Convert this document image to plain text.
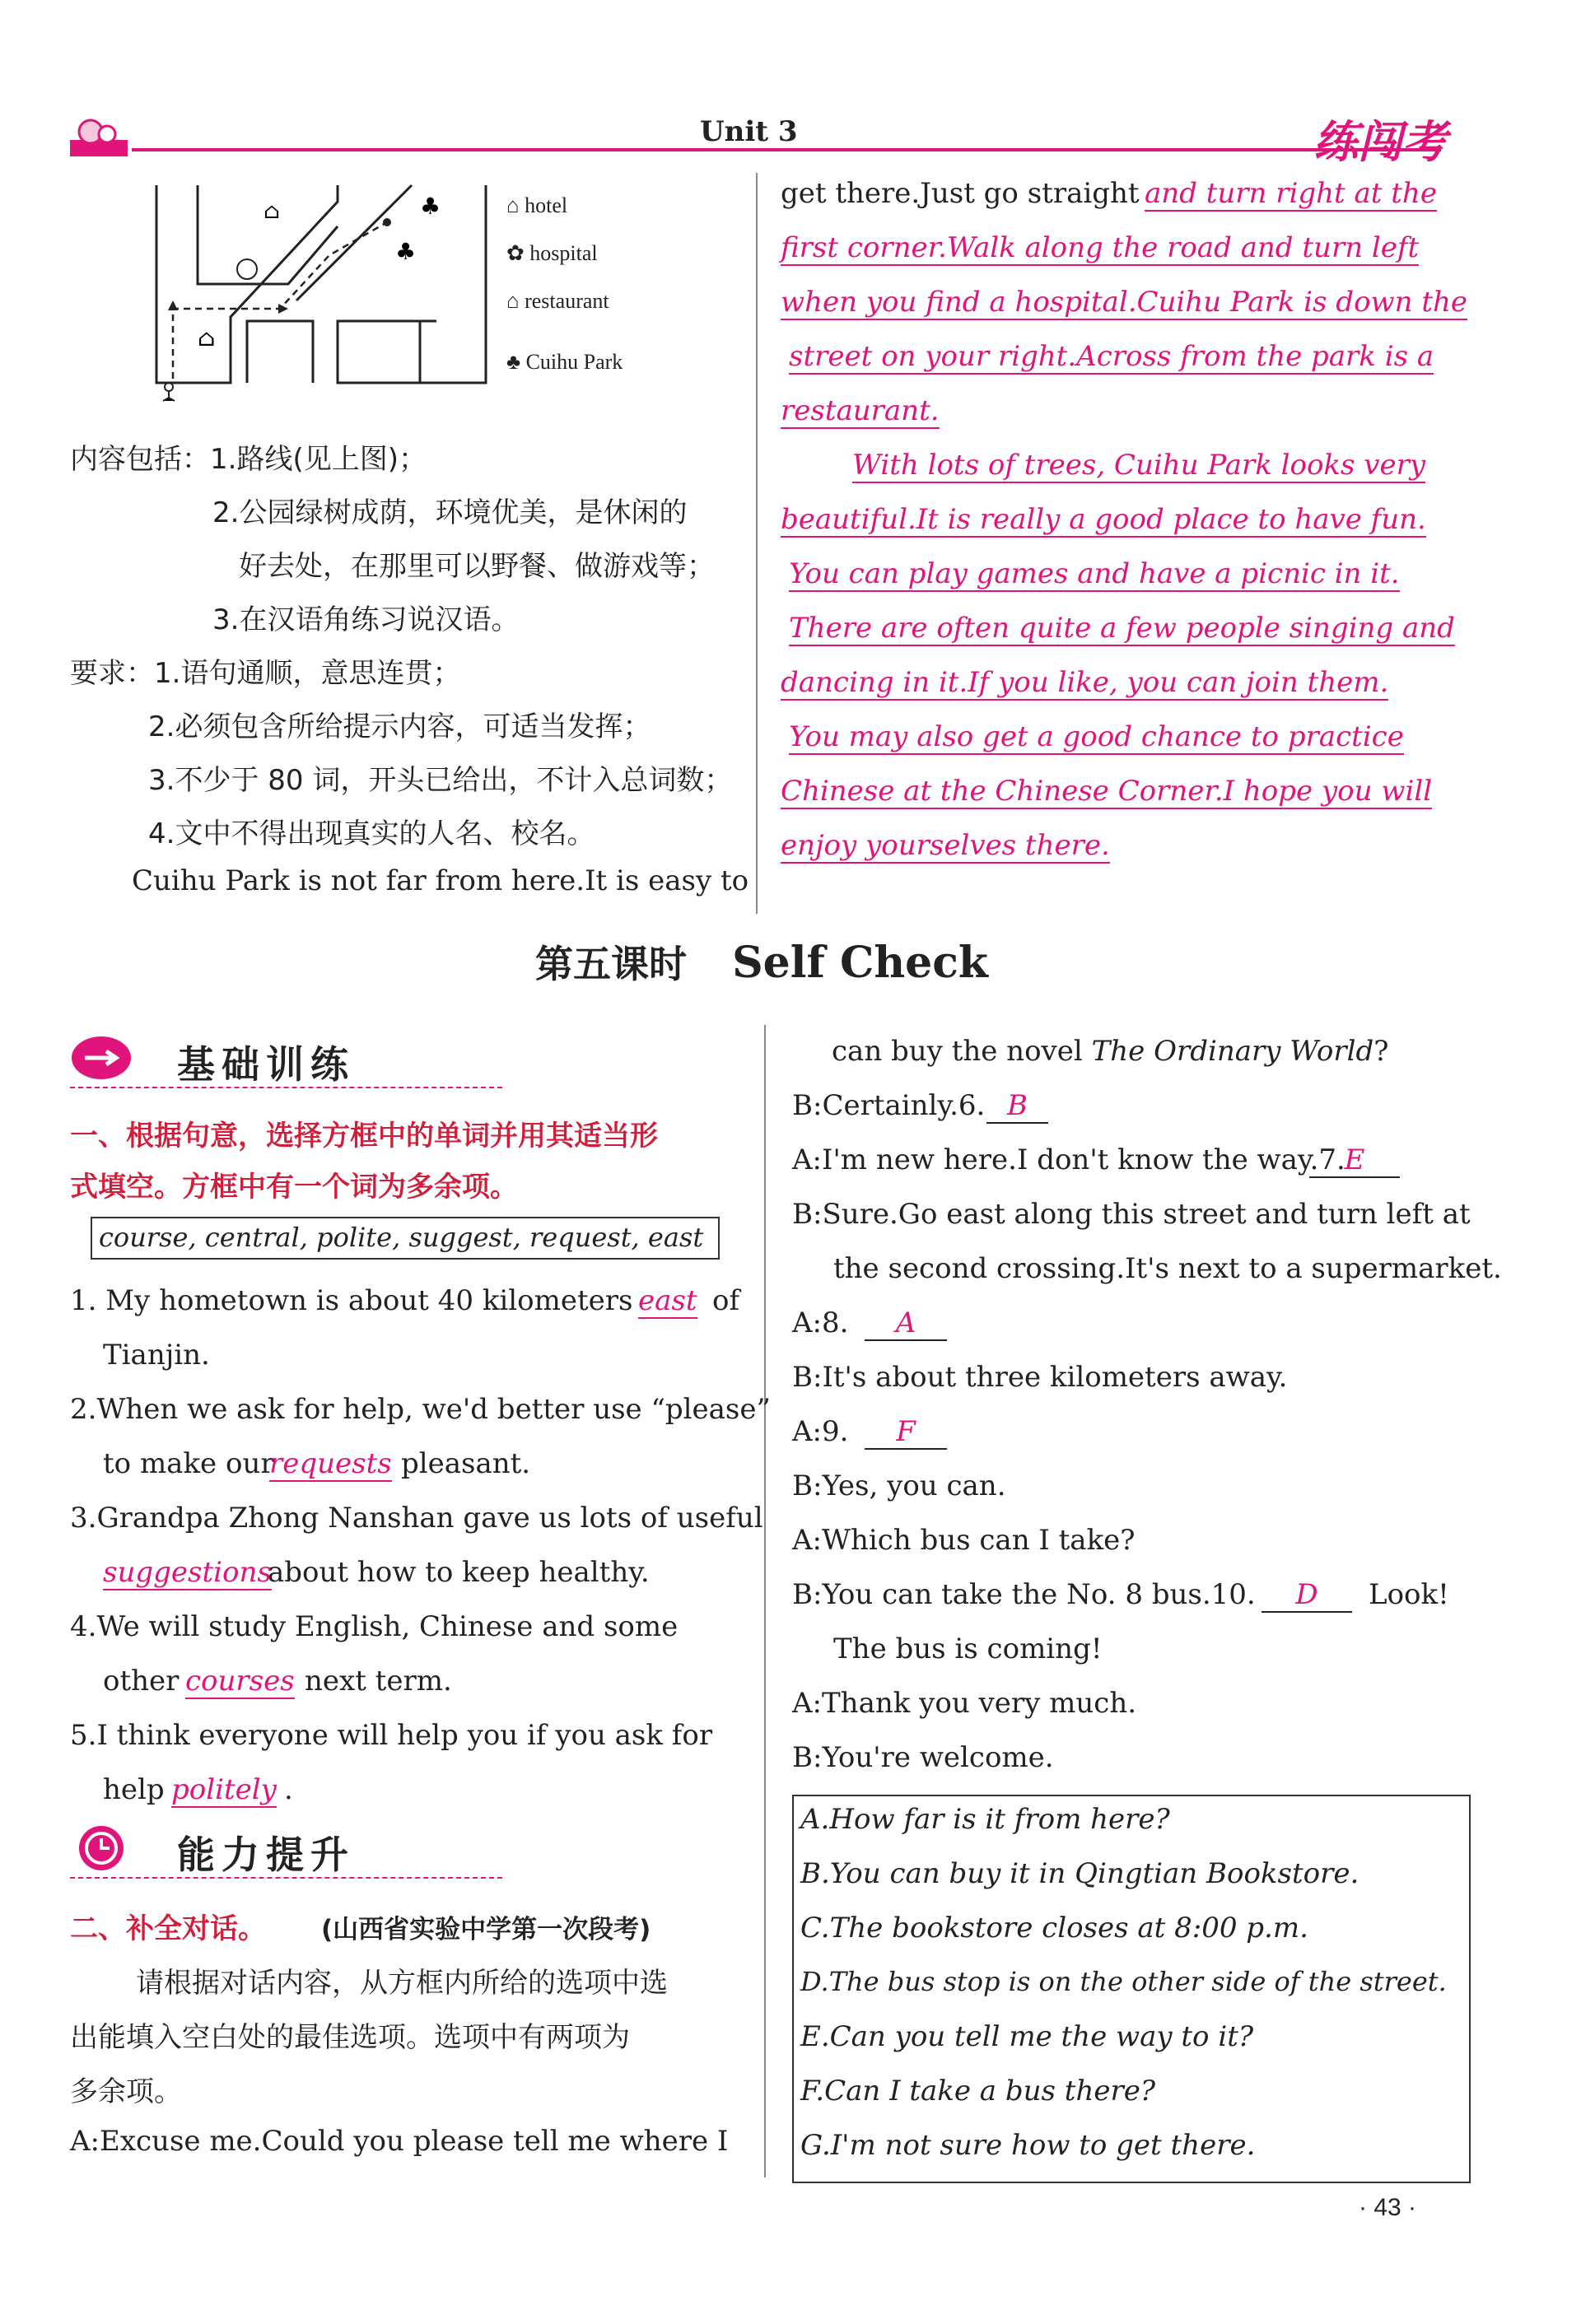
Unit 3	练闯考
⌂
⌂
♣
♣
⌂ hotel
✿ hospital
⌂ restaurant
♣ Cuihu Park
内容包括：1.路线(见上图)；
2.公园绿树成荫，环境优美，是休闲的
好去处，在那里可以野餐、做游戏等；
3.在汉语角练习说汉语。
要求：1.语句通顺，意思连贯；
2.必须包含所给提示内容，可适当发挥；
3.不少于 80 词，开头已给出，不计入总词数；
4.文中不得出现真实的人名、校名。
Cuihu Park is not far from here.It is easy to
get there.Just go straight and turn right at the
first corner.Walk along the road and turn left
when you find a hospital.Cuihu Park is down the
street on your right.Across from the park is a
restaurant.
With lots of trees, Cuihu Park looks very
beautiful.It is really a good place to have fun.
You can play games and have a picnic in it.
There are often quite a few people singing and
dancing in it.If you like, you can join them.
You may also get a good chance to practice
Chinese at the Chinese Corner.I hope you will
enjoy yourselves there.
第五课时 Self Check
基础训练
一、根据句意，选择方框中的单词并用其适当形
式填空。方框中有一个词为多余项。
course, central, polite, suggest, request, east
1. My hometown is about 40 kilometers east of
Tianjin.
2.When we ask for help, we'd better use “please”
to make our
requests pleasant.
3.Grandpa Zhong Nanshan gave us lots of useful
suggestions
about how to keep healthy.
4.We will study English, Chinese and some
other courses next term.
5.I think everyone will help you if you ask for
help politely .
能力提升
二、补全对话。 (山西省实验中学第一次段考)
请根据对话内容，从方框内所给的选项中选
出能填入空白处的最佳选项。选项中有两项为
多余项。
A:Excuse me.Could you please tell me where I
can buy the novel The Ordinary World?
B:Certainly.6. B
A:I'm new here.I don't know the way.7.
E
B:Sure.Go east along this street and turn left at
the second crossing.It's next to a supermarket.
A:8.	A
B:It's about three kilometers away.
A:9.	F
B:Yes, you can.
A:Which bus can I take?
B:You can take the No. 8 bus.10.	D	Look!
The bus is coming!
A:Thank you very much.
B:You're welcome.
A.How far is it from here?
B.You can buy it in Qingtian Bookstore.
C.The bookstore closes at 8:00 p.m.
D.The bus stop is on the other side of the street.
E.Can you tell me the way to it?
F.Can I take a bus there?
G.I'm not sure how to get there.
· 43 ·
